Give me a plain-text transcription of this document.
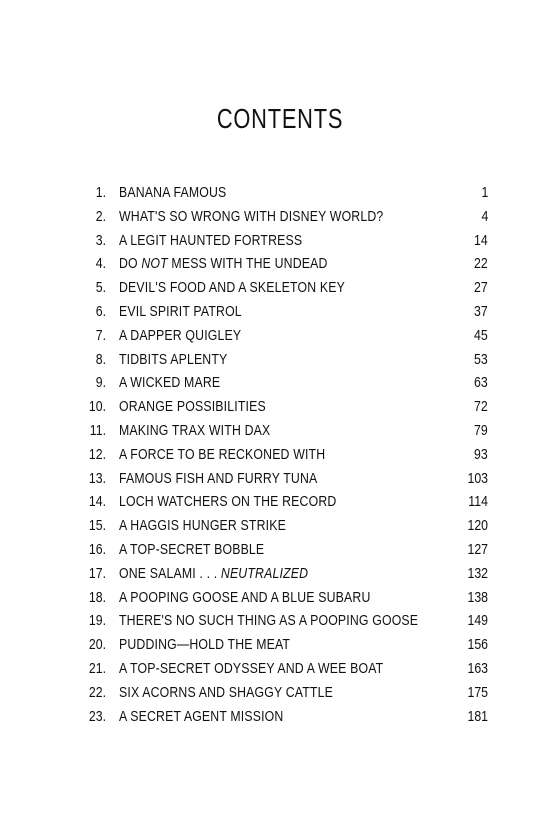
CONTENTS
1. BANANA FAMOUS	1
2. WHAT'S SO WRONG WITH DISNEY WORLD?	4
3. A LEGIT HAUNTED FORTRESS	14
4. DO NOT MESS WITH THE UNDEAD	22
5. DEVIL'S FOOD AND A SKELETON KEY	27
6. EVIL SPIRIT PATROL	37
7. A DAPPER QUIGLEY	45
8. TIDBITS APLENTY	53
9. A WICKED MARE	63
10. ORANGE POSSIBILITIES	72
11. MAKING TRAX WITH DAX	79
12. A FORCE TO BE RECKONED WITH	93
13. FAMOUS FISH AND FURRY TUNA	103
14. LOCH WATCHERS ON THE RECORD	114
15. A HAGGIS HUNGER STRIKE	120
16. A TOP-SECRET BOBBLE	127
17. ONE SALAMI . . . NEUTRALIZED	132
18. A POOPING GOOSE AND A BLUE SUBARU	138
19. THERE'S NO SUCH THING AS A POOPING GOOSE	149
20. PUDDING—HOLD THE MEAT	156
21. A TOP-SECRET ODYSSEY AND A WEE BOAT	163
22. SIX ACORNS AND SHAGGY CATTLE	175
23. A SECRET AGENT MISSION	181
